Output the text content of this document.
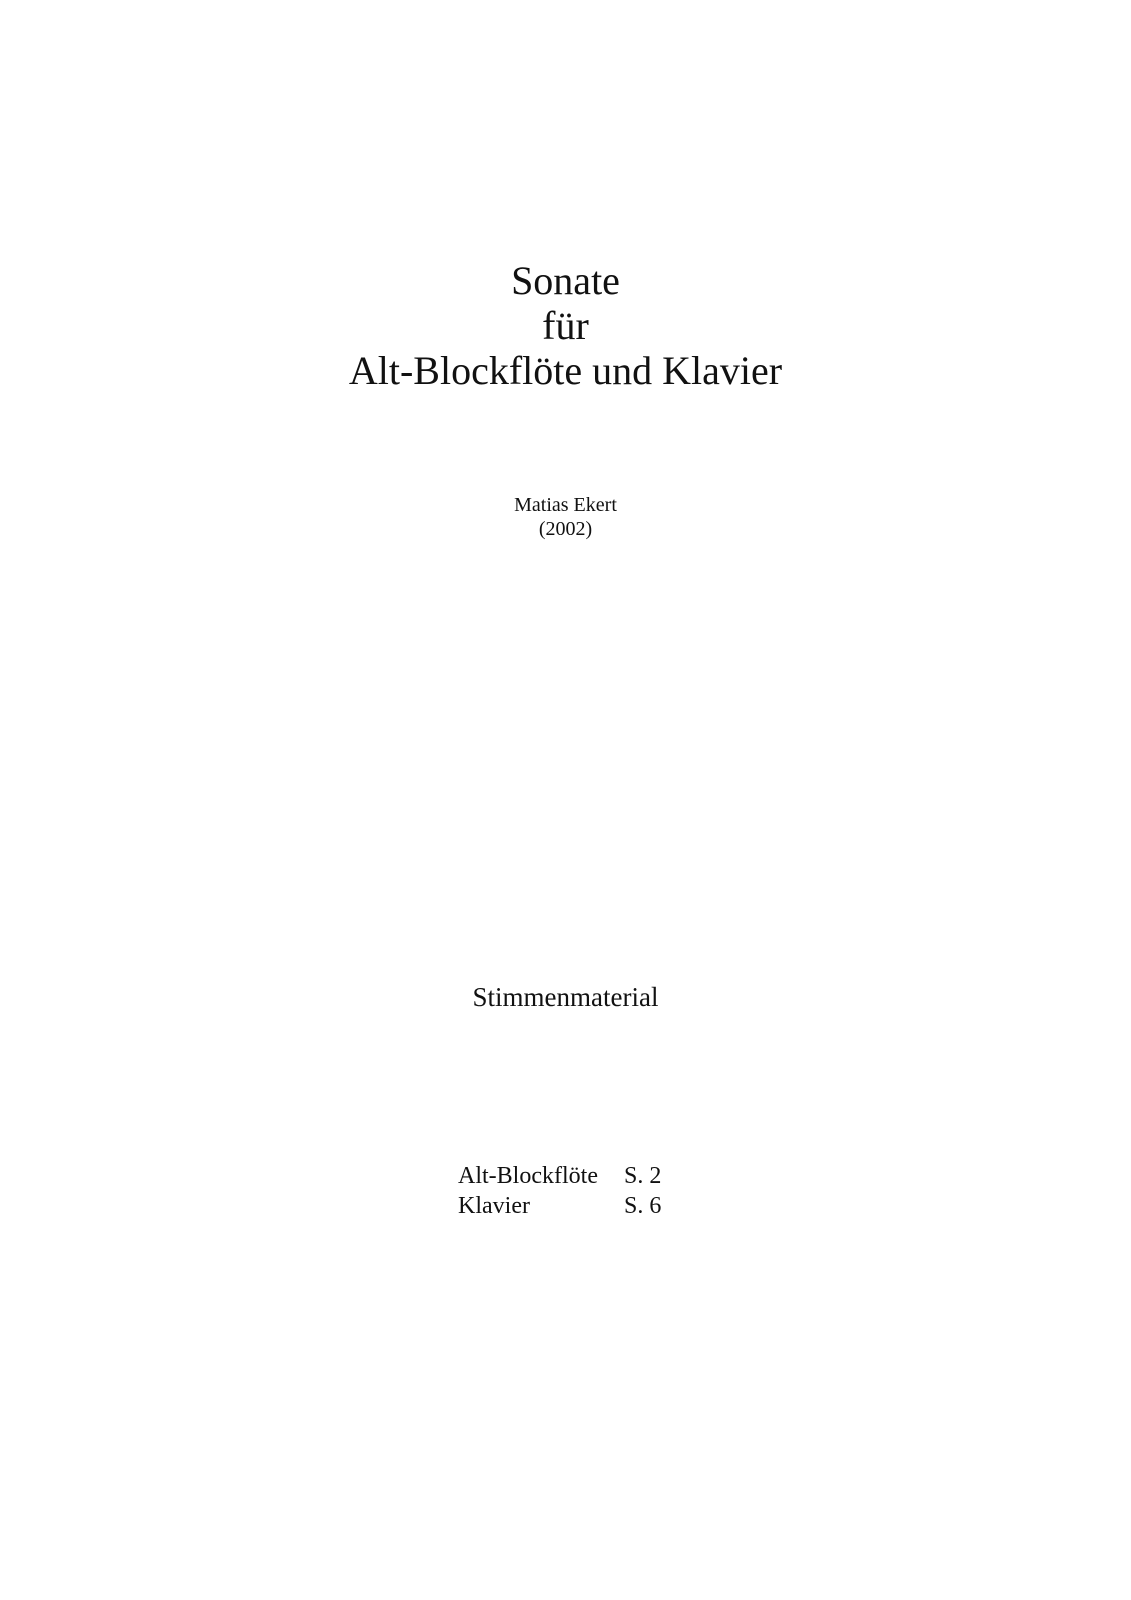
Sonate
für
Alt-Blockflöte und Klavier
Matias Ekert
(2002)
Stimmenmaterial
Alt-Blockflöte	S. 2
Klavier	S. 6
